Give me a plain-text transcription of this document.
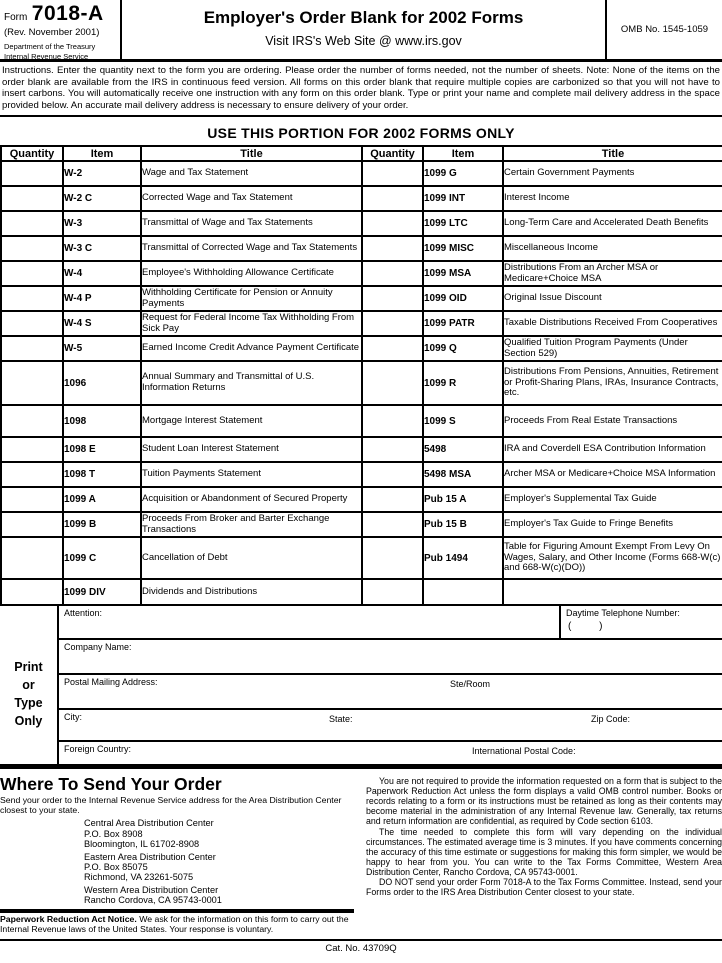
Form 7018-A
(Rev. November 2001)
Department of the Treasury
Internal Revenue Service
Employer's Order Blank for 2002 Forms
Visit IRS's Web Site @ www.irs.gov
OMB No. 1545-1059
Instructions. Enter the quantity next to the form you are ordering. Please order the number of forms needed, not the number of sheets. Note: None of the items on the order blank are available from the IRS in continuous feed version. All forms on this order blank that require multiple copies are carbonized so that you will not have to insert carbons. You will automatically receive one instruction with any form on this order blank. Type or print your name and complete mail delivery address in the space provided below. An accurate mail delivery address is necessary to ensure delivery of your order.
USE THIS PORTION FOR 2002 FORMS ONLY
Quantity	Item	Title	Quantity	Item	Title
	W-2	Wage and Tax Statement		1099 G	Certain Government Payments
	W-2 C	Corrected Wage and Tax Statement		1099 INT	Interest Income
	W-3	Transmittal of Wage and Tax Statements		1099 LTC	Long-Term Care and Accelerated Death Benefits
	W-3 C	Transmittal of Corrected Wage and Tax Statements		1099 MISC	Miscellaneous Income
	W-4	Employee's Withholding Allowance Certificate		1099 MSA	Distributions From an Archer MSA or Medicare+Choice MSA
	W-4 P	Withholding Certificate for Pension or Annuity Payments		1099 OID	Original Issue Discount
	W-4 S	Request for Federal Income Tax Withholding From Sick Pay		1099 PATR	Taxable Distributions Received From Cooperatives
	W-5	Earned Income Credit Advance Payment Certificate		1099 Q	Qualified Tuition Program Payments (Under Section 529)
	1096	Annual Summary and Transmittal of U.S. Information Returns		1099 R	Distributions From Pensions, Annuities, Retirement or Profit-Sharing Plans, IRAs, Insurance Contracts, etc.
	1098	Mortgage Interest Statement		1099 S	Proceeds From Real Estate Transactions
	1098 E	Student Loan Interest Statement		5498	IRA and Coverdell ESA Contribution Information
	1098 T	Tuition Payments Statement		5498 MSA	Archer MSA or Medicare+Choice MSA Information
	1099 A	Acquisition or Abandonment of Secured Property		Pub 15 A	Employer's Supplemental Tax Guide
	1099 B	Proceeds From Broker and Barter Exchange Transactions		Pub 15 B	Employer's Tax Guide to Fringe Benefits
	1099 C	Cancellation of Debt		Pub 1494	Table for Figuring Amount Exempt From Levy On Wages, Salary, and Other Income (Forms 668-W(c) and 668-W(c)(DO))
	1099 DIV	Dividends and Distributions			
Print
or
Type
Only
Attention:	Daytime Telephone Number:
(          )
Company Name:
Postal Mailing Address:	Ste/Room
City:	State:	Zip Code:
Foreign Country:	International Postal Code:
Where To Send Your Order
Send your order to the Internal Revenue Service address for the Area Distribution Center closest to your state.
Central Area Distribution Center
P.O. Box 8908
Bloomington, IL 61702-8908
Eastern Area Distribution Center
P.O. Box 85075
Richmond, VA 23261-5075
Western Area Distribution Center
Rancho Cordova, CA 95743-0001
Paperwork Reduction Act Notice. We ask for the information on this form to carry out the Internal Revenue laws of the United States. Your response is voluntary.

You are not required to provide the information requested on a form that is subject to the Paperwork Reduction Act unless the form displays a valid OMB control number. Books or records relating to a form or its instructions must be retained as long as their contents may become material in the administration of any Internal Revenue law. Generally, tax returns and return information are confidential, as required by Code section 6103.

The time needed to complete this form will vary depending on the individual circumstances. The estimated average time is 3 minutes. If you have comments concerning the accuracy of this time estimate or suggestions for making this form simpler, we would be happy to hear from you. You can write to the Tax Forms Committee, Western Area Distribution Center, Rancho Cordova, CA 95743-0001.

DO NOT send your order Form 7018-A to the Tax Forms Committee. Instead, send your Forms order to the IRS Area Distribution Center closest to your state.

Cat. No. 43709Q
